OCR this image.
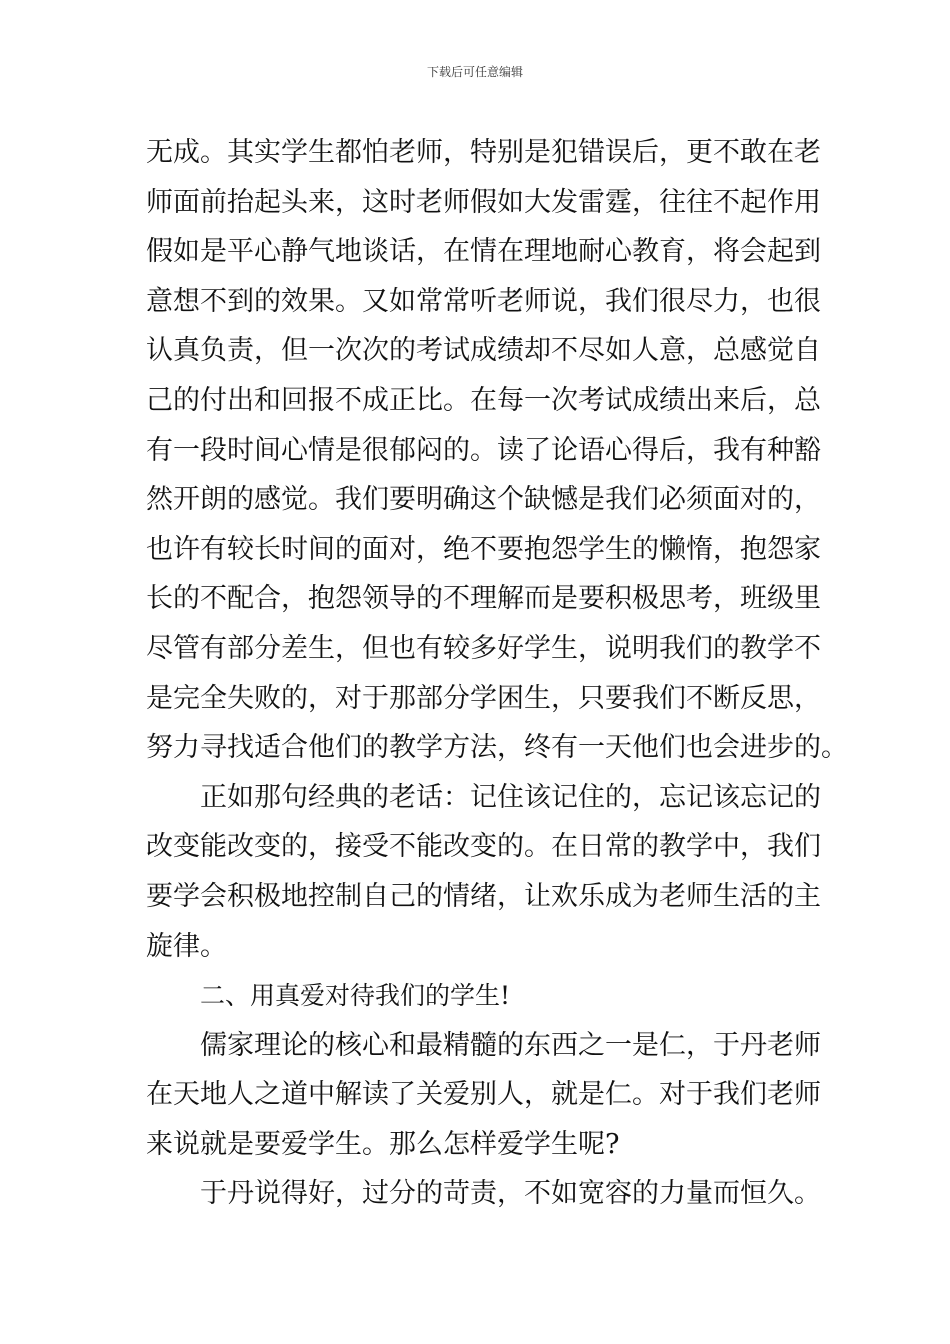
下载后可任意编辑
无成。其实学生都怕老师，特别是犯错误后，更不敢在老
师面前抬起头来，这时老师假如大发雷霆，往往不起作用
假如是平心静气地谈话，在情在理地耐心教育，将会起到
意想不到的效果。又如常常听老师说，我们很尽力，也很
认真负责，但一次次的考试成绩却不尽如人意，总感觉自
己的付出和回报不成正比。在每一次考试成绩出来后，总
有一段时间心情是很郁闷的。读了论语心得后，我有种豁
然开朗的感觉。我们要明确这个缺憾是我们必须面对的，
也许有较长时间的面对，绝不要抱怨学生的懒惰，抱怨家
长的不配合，抱怨领导的不理解而是要积极思考，班级里
尽管有部分差生，但也有较多好学生，说明我们的教学不
是完全失败的，对于那部分学困生，只要我们不断反思，
努力寻找适合他们的教学方法，终有一天他们也会进步的。
正如那句经典的老话：记住该记住的，忘记该忘记的
改变能改变的，接受不能改变的。在日常的教学中，我们
要学会积极地控制自己的情绪，让欢乐成为老师生活的主
旋律。
二、用真爱对待我们的学生!
儒家理论的核心和最精髓的东西之一是仁，于丹老师
在天地人之道中解读了关爱别人，就是仁。对于我们老师
来说就是要爱学生。那么怎样爱学生呢?
于丹说得好，过分的苛责，不如宽容的力量而恒久。
